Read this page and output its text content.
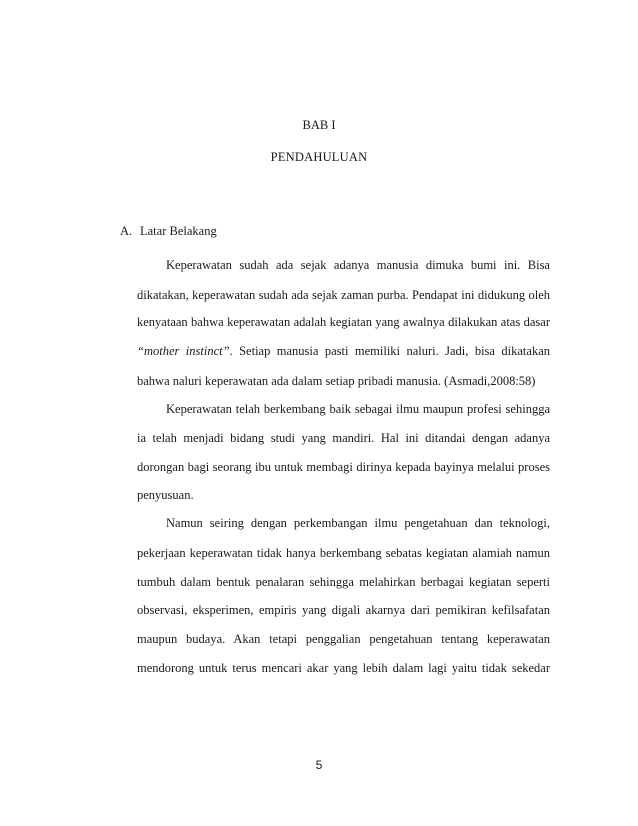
BAB I
PENDAHULUAN
A. Latar Belakang
Keperawatan sudah ada sejak adanya manusia dimuka bumi ini. Bisa
dikatakan, keperawatan sudah ada sejak zaman purba. Pendapat ini didukung oleh
kenyataan bahwa keperawatan adalah kegiatan yang awalnya dilakukan atas dasar
“mother instinct”. Setiap manusia pasti memiliki naluri. Jadi, bisa dikatakan
bahwa naluri keperawatan ada dalam setiap pribadi manusia. (Asmadi,2008:58)
Keperawatan telah berkembang baik sebagai ilmu maupun profesi sehingga
ia telah menjadi bidang studi yang mandiri. Hal ini ditandai dengan adanya
dorongan bagi seorang ibu untuk membagi dirinya kepada bayinya melalui proses
penyusuan.
Namun seiring dengan perkembangan ilmu pengetahuan dan teknologi,
pekerjaan keperawatan tidak hanya berkembang sebatas kegiatan alamiah namun
tumbuh dalam bentuk penalaran sehingga melahirkan berbagai kegiatan seperti
observasi, eksperimen, empiris yang digali akarnya dari pemikiran kefilsafatan
maupun budaya. Akan tetapi penggalian pengetahuan tentang keperawatan
mendorong untuk terus mencari akar yang lebih dalam lagi yaitu tidak sekedar
5
